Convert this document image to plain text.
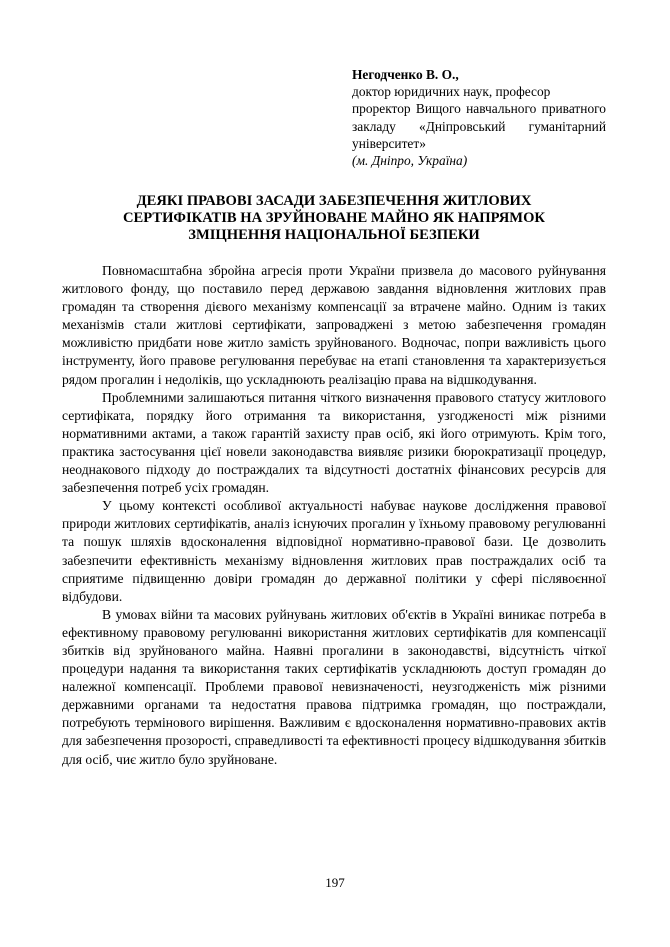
Негодченко В. О.,
доктор юридичних наук, професор
проректор Вищого навчального приватного закладу «Дніпровський гуманітарний університет»
(м. Дніпро, Україна)
ДЕЯКІ ПРАВОВІ ЗАСАДИ ЗАБЕЗПЕЧЕННЯ ЖИТЛОВИХ
СЕРТИФІКАТІВ НА ЗРУЙНОВАНЕ МАЙНО ЯК НАПРЯМОК
ЗМІЦНЕННЯ НАЦІОНАЛЬНОЇ БЕЗПЕКИ

Повномасштабна збройна агресія проти України призвела до масового руйнування житлового фонду, що поставило перед державою завдання відновлення житлових прав громадян та створення дієвого механізму компенсації за втрачене майно. Одним із таких механізмів стали житлові сертифікати, запроваджені з метою забезпечення громадян можливістю придбати нове житло замість зруйнованого. Водночас, попри важливість цього інструменту, його правове регулювання перебуває на етапі становлення та характеризується рядом прогалин і недоліків, що ускладнюють реалізацію права на відшкодування.

Проблемними залишаються питання чіткого визначення правового статусу житлового сертифіката, порядку його отримання та використання, узгодженості між різними нормативними актами, а також гарантій захисту прав осіб, які його отримують. Крім того, практика застосування цієї новели законодавства виявляє ризики бюрократизації процедур, неоднакового підходу до постраждалих та відсутності достатніх фінансових ресурсів для забезпечення потреб усіх громадян.

У цьому контексті особливої актуальності набуває наукове дослідження правової природи житлових сертифікатів, аналіз існуючих прогалин у їхньому правовому регулюванні та пошук шляхів вдосконалення відповідної нормативно-правової бази. Це дозволить забезпечити ефективність механізму відновлення житлових прав постраждалих осіб та сприятиме підвищенню довіри громадян до державної політики у сфері післявоєнної відбудови.

В умовах війни та масових руйнувань житлових об'єктів в Україні виникає потреба в ефективному правовому регулюванні використання житлових сертифікатів для компенсації збитків від зруйнованого майна. Наявні прогалини в законодавстві, відсутність чіткої процедури надання та використання таких сертифікатів ускладнюють доступ громадян до належної компенсації. Проблеми правової невизначеності, неузгодженість між різними державними органами та недостатня правова підтримка громадян, що постраждали, потребують термінового вирішення. Важливим є вдосконалення нормативно-правових актів для забезпечення прозорості, справедливості та ефективності процесу відшкодування збитків для осіб, чиє житло було зруйноване.

197
